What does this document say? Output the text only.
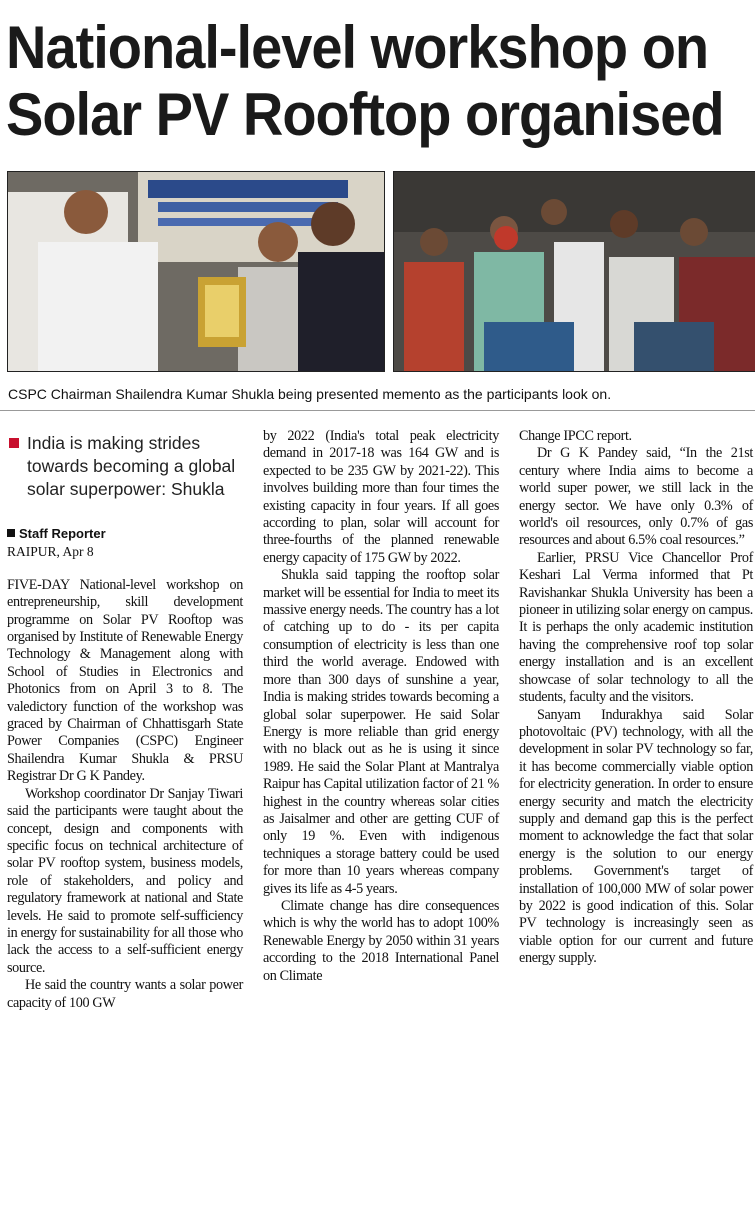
National-level workshop on Solar PV Rooftop organised

CSPC Chairman Shailendra Kumar Shukla being presented memento as the participants look on.

India is making strides towards becoming a global solar superpower: Shukla
Staff Reporter
RAIPUR, Apr 8

FIVE-DAY National-level workshop on entrepreneurship, skill development programme on Solar PV Rooftop was organised by Institute of Renewable Energy Technology & Management along with School of Studies in Electronics and Photonics from on April 3 to 8. The valedictory function of the workshop was graced by Chairman of Chhattisgarh State Power Companies (CSPC) Engineer Shailendra Kumar Shukla & PRSU Registrar Dr G K Pandey.

Workshop coordinator Dr Sanjay Tiwari said the participants were taught about the concept, design and components with specific focus on technical architecture of solar PV rooftop system, business models, role of stakeholders, and policy and regulatory framework at national and State levels. He said to promote self-sufficiency in energy for sustainability for all those who lack the access to a self-sufficient energy source.

He said the country wants a solar power capacity of 100 GW

by 2022 (India's total peak electricity demand in 2017-18 was 164 GW and is expected to be 235 GW by 2021-22). This involves building more than four times the existing capacity in four years. If all goes according to plan, solar will account for three-fourths of the planned renewable energy capacity of 175 GW by 2022.

Shukla said tapping the rooftop solar market will be essential for India to meet its massive energy needs. The country has a lot of catching up to do - its per capita consumption of electricity is less than one third the world average. Endowed with more than 300 days of sunshine a year, India is making strides towards becoming a global solar superpower. He said Solar Energy is more reliable than grid energy with no black out as he is using it since 1989. He said the Solar Plant at Mantralya Raipur has Capital utilization factor of 21 % highest in the country whereas solar cities as Jaisalmer and other are getting CUF of only 19 %. Even with indigenous techniques a storage battery could be used for more than 10 years whereas company gives its life as 4-5 years.

Climate change has dire consequences which is why the world has to adopt 100% Renewable Energy by 2050 within 31 years according to the 2018 International Panel on Climate

Change IPCC report.

Dr G K Pandey said, “In the 21st century where India aims to become a world super power, we still lack in the energy sector. We have only 0.3% of world's oil resources, only 0.7% of gas resources and about 6.5% coal resources.”

Earlier, PRSU Vice Chancellor Prof Keshari Lal Verma informed that Pt Ravishankar Shukla University has been a pioneer in utilizing solar energy on campus. It is perhaps the only academic institution having the comprehensive roof top solar energy installation and is an excellent showcase of solar technology to all the students, faculty and the visitors.

Sanyam Indurakhya said Solar photovoltaic (PV) technology, with all the development in solar PV technology so far, it has become commercially viable option for electricity generation. In order to ensure energy security and match the electricity supply and demand gap this is the perfect moment to acknowledge the fact that solar energy is the solution to our energy problems. Government's target of installation of 100,000 MW of solar power by 2022 is good indication of this. Solar PV technology is increasingly seen as viable option for our current and future energy supply.
